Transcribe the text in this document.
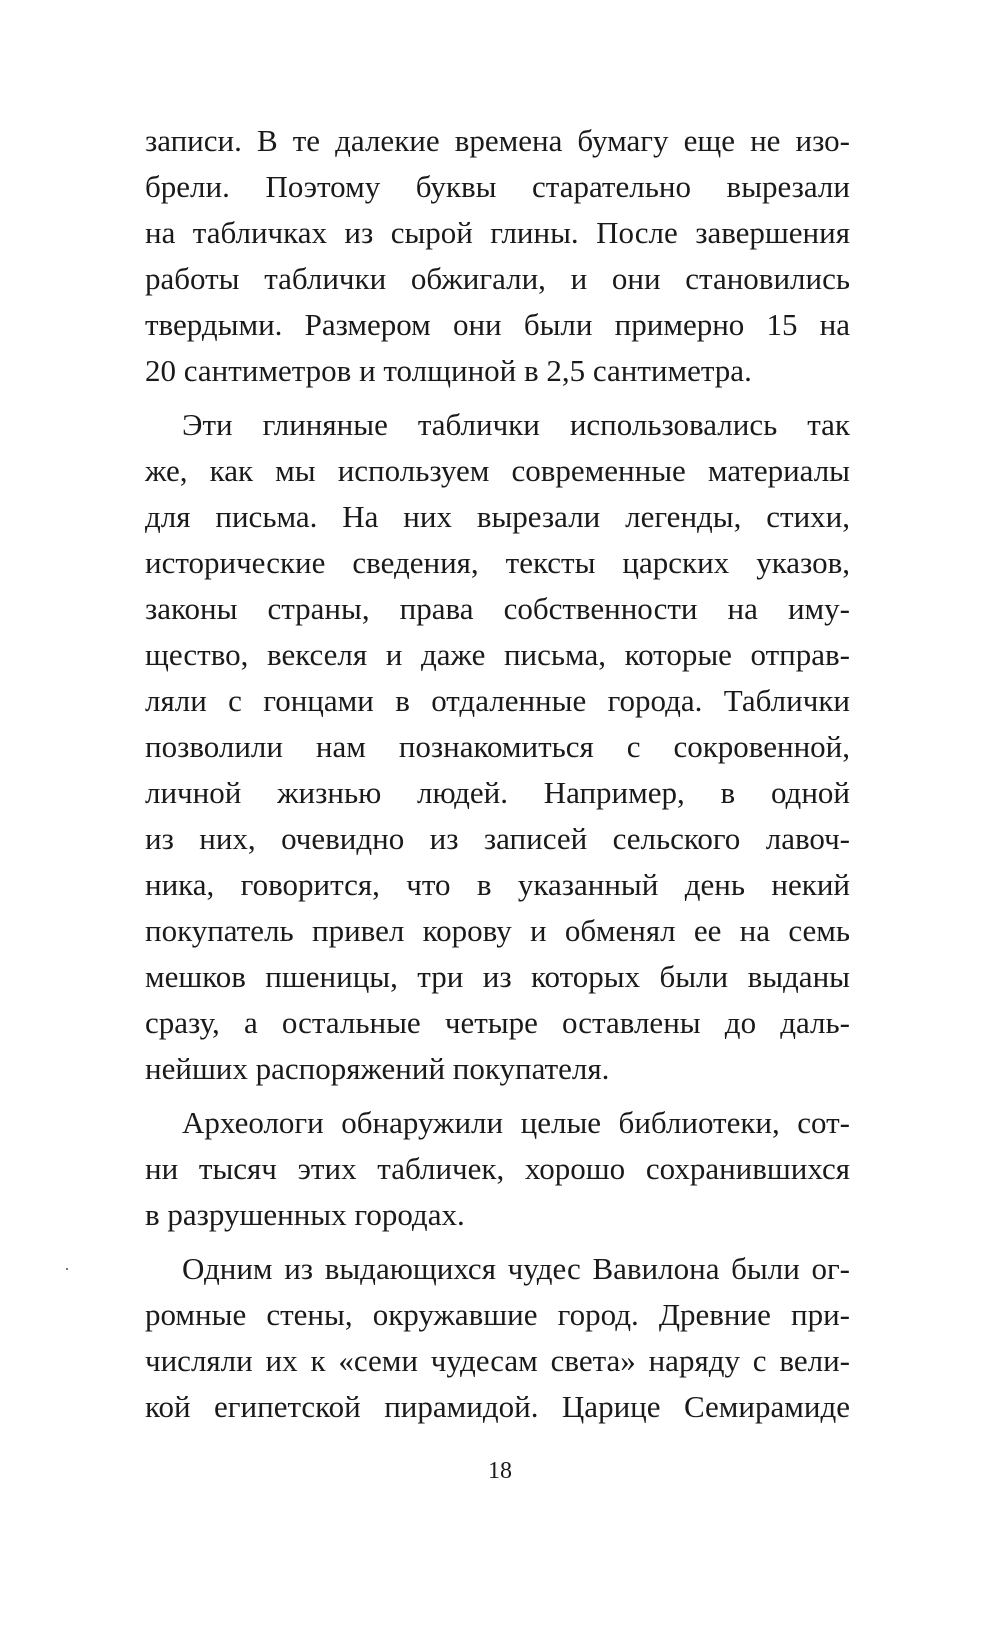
записи. В те далекие времена бумагу еще не изо-
брели. Поэтому буквы старательно вырезали
на табличках из сырой глины. После завершения
работы таблички обжигали, и они становились
твердыми. Размером они были примерно 15 на
20 сантиметров и толщиной в 2,5 сантиметра.
Эти глиняные таблички использовались так
же, как мы используем современные материалы
для письма. На них вырезали легенды, стихи,
исторические сведения, тексты царских указов,
законы страны, права собственности на иму-
щество, векселя и даже письма, которые отправ-
ляли с гонцами в отдаленные города. Таблички
позволили нам познакомиться с сокровенной,
личной жизнью людей. Например, в одной
из них, очевидно из записей сельского лавоч-
ника, говорится, что в указанный день некий
покупатель привел корову и обменял ее на семь
мешков пшеницы, три из которых были выданы
сразу, а остальные четыре оставлены до даль-
нейших распоряжений покупателя.
Археологи обнаружили целые библиотеки, сот-
ни тысяч этих табличек, хорошо сохранившихся
в разрушенных городах.
Одним из выдающихся чудес Вавилона были ог-
ромные стены, окружавшие город. Древние при-
числяли их к «семи чудесам света» наряду с вели-
кой египетской пирамидой. Царице Семирамиде
18
